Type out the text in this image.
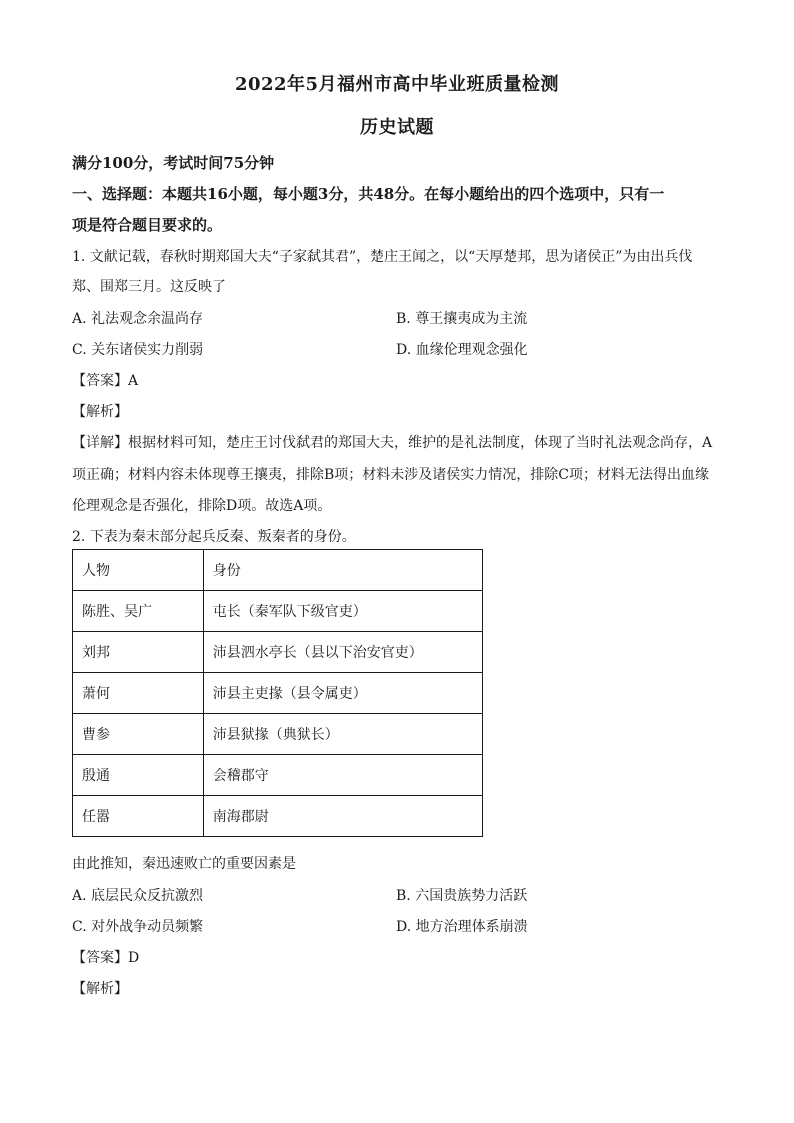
2022年5月福州市高中毕业班质量检测
历史试题
满分100分，考试时间75分钟
一、选择题：本题共16小题，每小题3分，共48分。在每小题给出的四个选项中，只有一
项是符合题目要求的。
1. 文献记载，春秋时期郑国大夫“子家弑其君”，楚庄王闻之，以“天厚楚邦，思为诸侯正”为由出兵伐
郑、围郑三月。这反映了
A. 礼法观念余温尚存	B. 尊王攘夷成为主流
C. 关东诸侯实力削弱	D. 血缘伦理观念强化
【答案】A
【解析】
【详解】根据材料可知，楚庄王讨伐弑君的郑国大夫，维护的是礼法制度，体现了当时礼法观念尚存，A
项正确；材料内容未体现尊王攘夷，排除B项；材料未涉及诸侯实力情况，排除C项；材料无法得出血缘
伦理观念是否强化，排除D项。故选A项。
2. 下表为秦末部分起兵反秦、叛秦者的身份。
人物	身份
陈胜、吴广	屯长（秦军队下级官吏）
刘邦	沛县泗水亭长（县以下治安官吏）
萧何	沛县主吏掾（县令属吏）
曹参	沛县狱掾（典狱长）
殷通	会稽郡守
任嚣	南海郡尉
由此推知，秦迅速败亡的重要因素是
A. 底层民众反抗激烈	B. 六国贵族势力活跃
C. 对外战争动员频繁	D. 地方治理体系崩溃
【答案】D
【解析】
